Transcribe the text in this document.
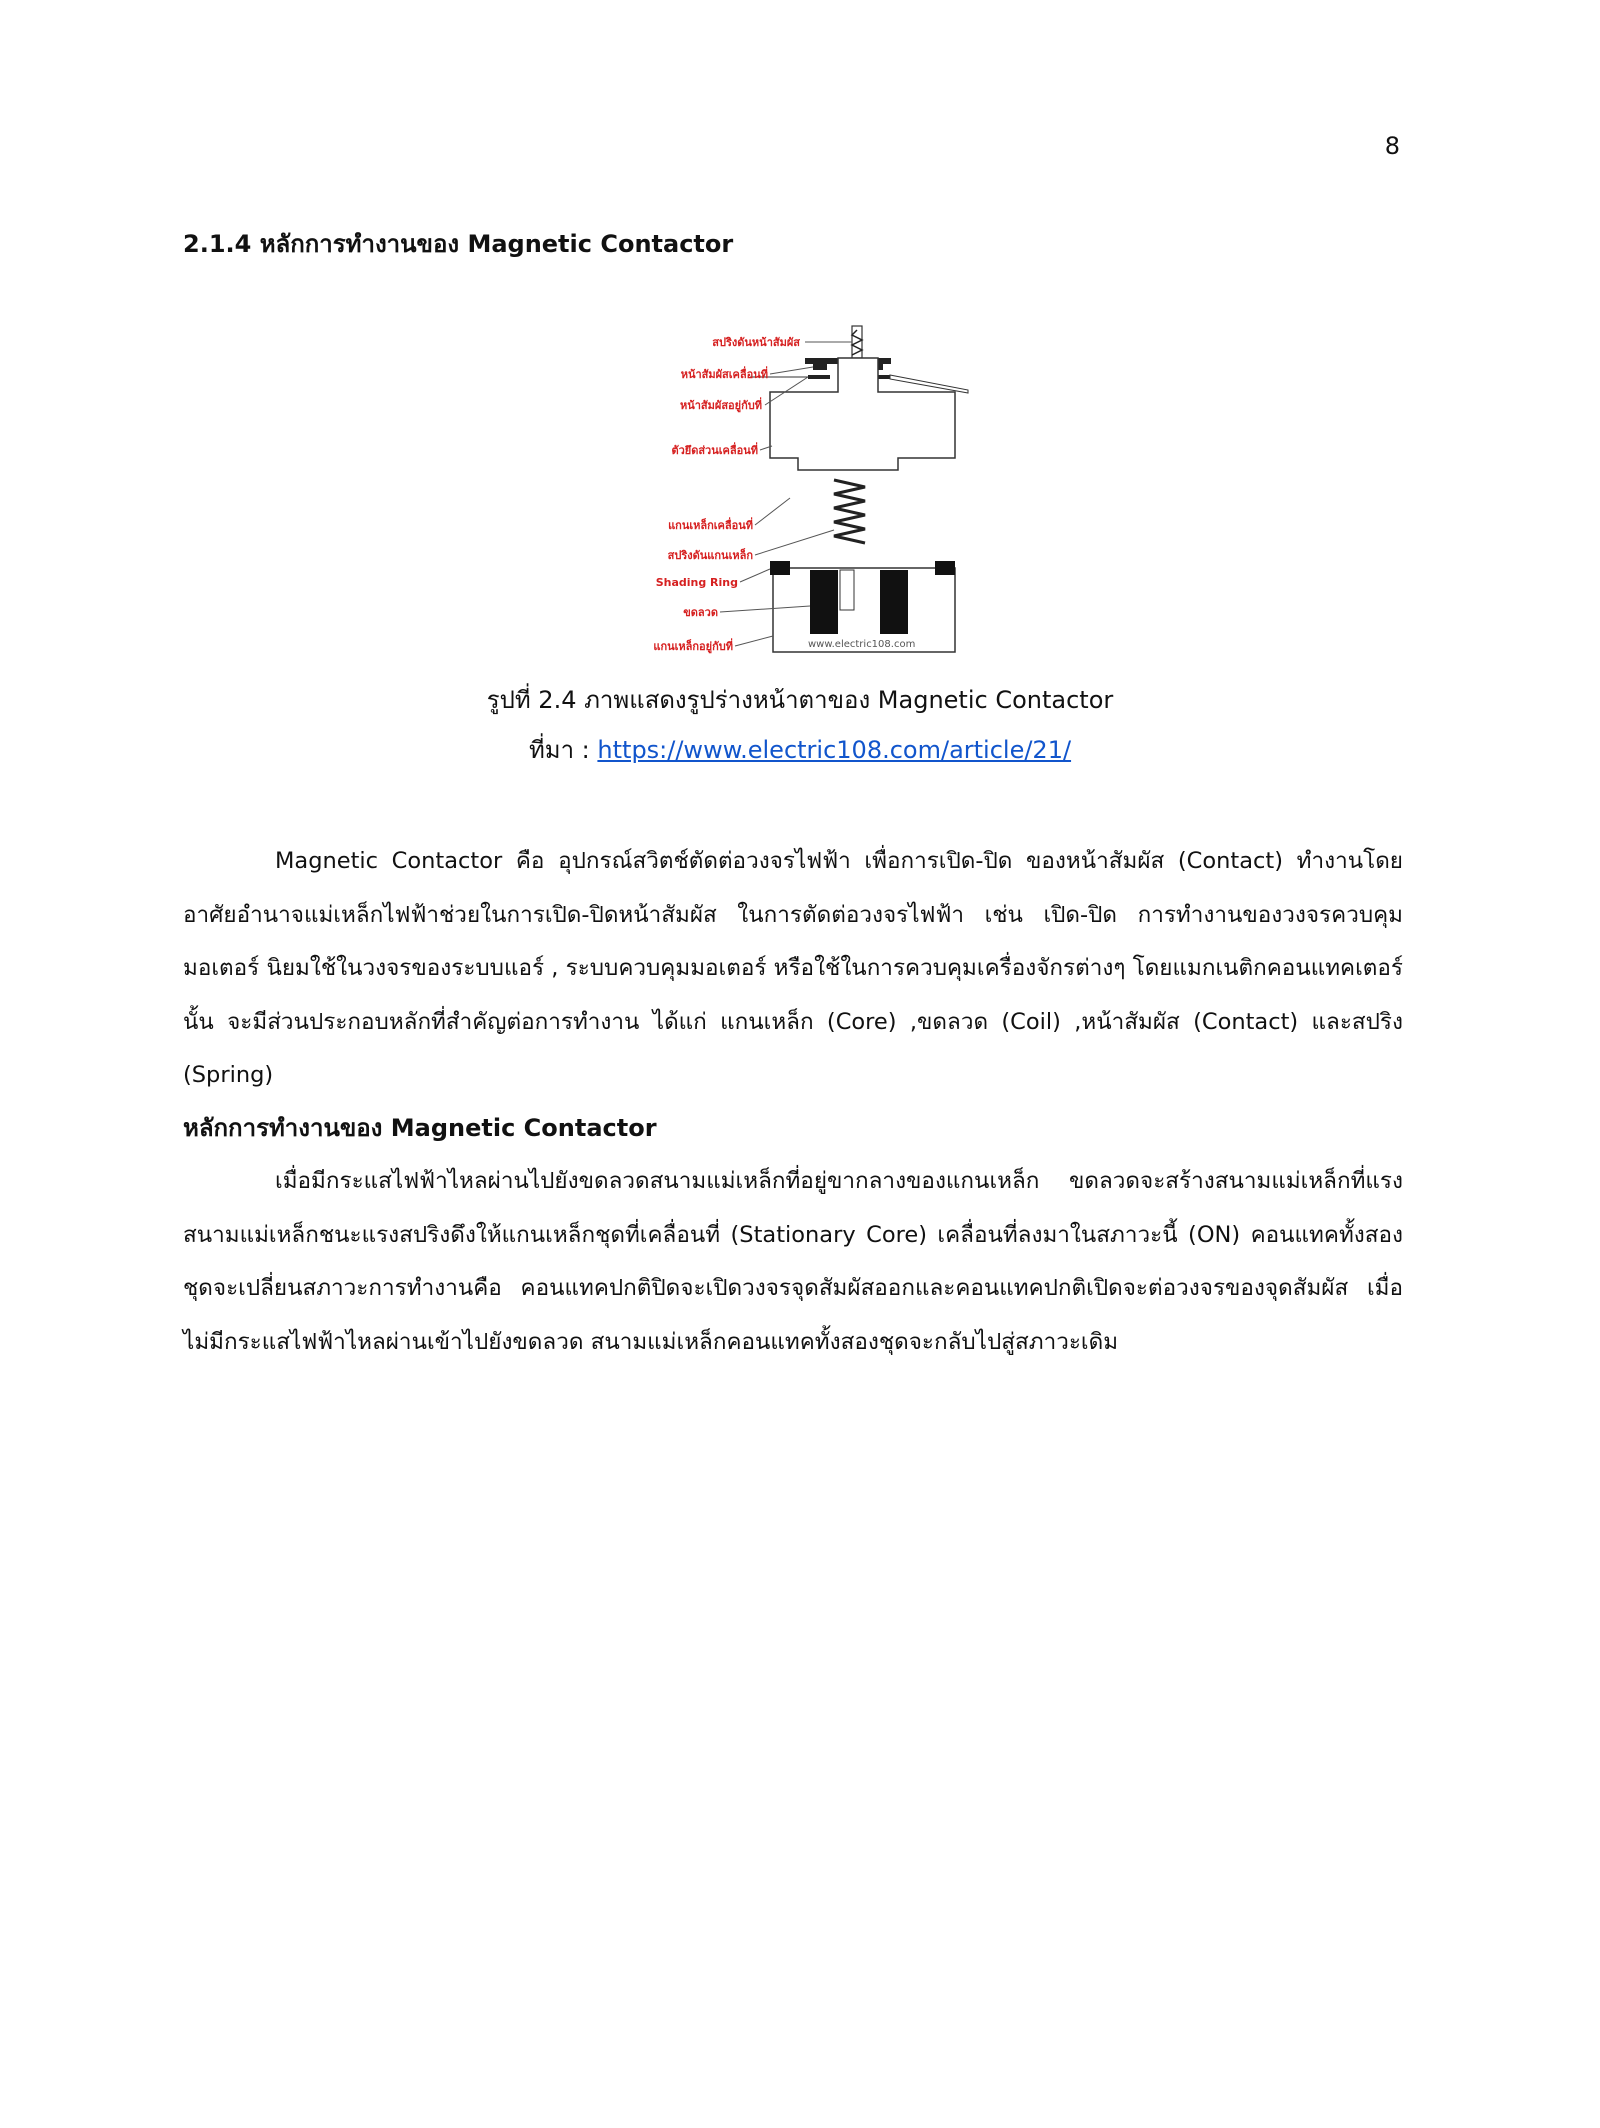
8
2.1.4 หลักการทำงานของ Magnetic Contactor
www.electric108.com
สปริงดันหน้าสัมผัส
หน้าสัมผัสเคลื่อนที่
หน้าสัมผัสอยู่กับที่
ตัวยึดส่วนเคลื่อนที่
แกนเหล็กเคลื่อนที่
สปริงดันแกนเหล็ก
Shading Ring
ขดลวด
แกนเหล็กอยู่กับที่
รูปที่ 2.4 ภาพแสดงรูปร่างหน้าตาของ Magnetic Contactor
ที่มา : https://www.electric108.com/article/21/
Magnetic Contactor คือ อุปกรณ์สวิตช์ตัดต่อวงจรไฟฟ้า เพื่อการเปิด-ปิด ของหน้าสัมผัส (Contact) ทำงานโดยอาศัยอำนาจแม่เหล็กไฟฟ้าช่วยในการเปิด-ปิดหน้าสัมผัส ในการตัดต่อวงจรไฟฟ้า เช่น เปิด-ปิด การทำงานของวงจรควบคุมมอเตอร์ นิยมใช้ในวงจรของระบบแอร์ , ระบบควบคุมมอเตอร์ หรือใช้ในการควบคุมเครื่องจักรต่างๆ โดยแมกเนติกคอนแทคเตอร์นั้น จะมีส่วนประกอบหลักที่สำคัญต่อการทำงาน ได้แก่ แกนเหล็ก (Core) ,ขดลวด (Coil) ,หน้าสัมผัส (Contact) และสปริง (Spring)
หลักการทำงานของ Magnetic Contactor
เมื่อมีกระแสไฟฟ้าไหลผ่านไปยังขดลวดสนามแม่เหล็กที่อยู่ขากลางของแกนเหล็ก ขดลวดจะสร้างสนามแม่เหล็กที่แรงสนามแม่เหล็กชนะแรงสปริงดึงให้แกนเหล็กชุดที่เคลื่อนที่ (Stationary Core) เคลื่อนที่ลงมาในสภาวะนี้ (ON) คอนแทคทั้งสองชุดจะเปลี่ยนสภาวะการทำงานคือ คอนแทคปกติปิดจะเปิดวงจรจุดสัมผัสออกและคอนแทคปกติเปิดจะต่อวงจรของจุดสัมผัส เมื่อไม่มีกระแสไฟฟ้าไหลผ่านเข้าไปยังขดลวด สนามแม่เหล็กคอนแทคทั้งสองชุดจะกลับไปสู่สภาวะเดิม
